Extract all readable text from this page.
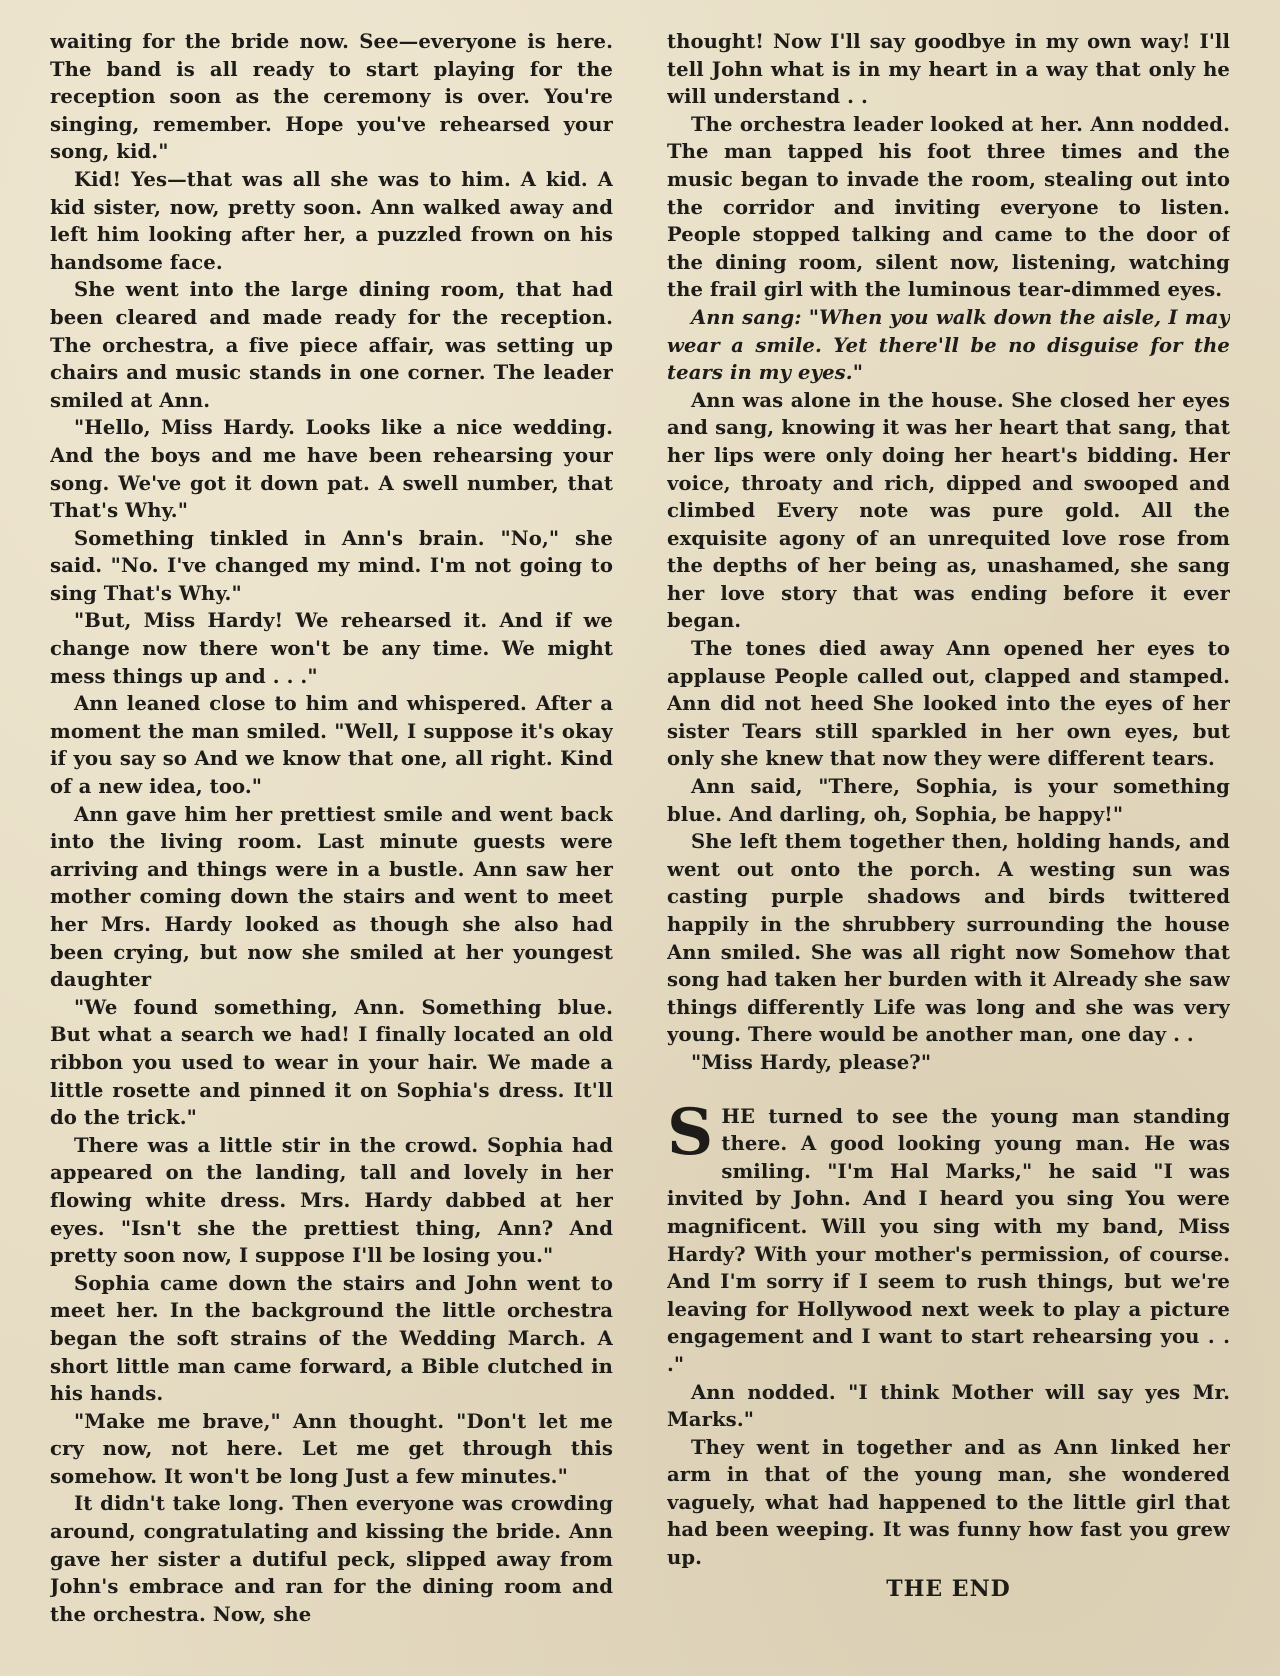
waiting for the bride now. See—everyone is here. The band is all ready to start playing for the reception soon as the ceremony is over. You're singing, remember. Hope you've rehearsed your song, kid."

Kid! Yes—that was all she was to him. A kid. A kid sister, now, pretty soon. Ann walked away and left him looking after her, a puzzled frown on his handsome face.

She went into the large dining room, that had been cleared and made ready for the reception. The orchestra, a five piece affair, was setting up chairs and music stands in one corner. The leader smiled at Ann.

"Hello, Miss Hardy. Looks like a nice wedding. And the boys and me have been rehearsing your song. We've got it down pat. A swell number, that That's Why."

Something tinkled in Ann's brain. "No," she said. "No. I've changed my mind. I'm not going to sing That's Why."

"But, Miss Hardy! We rehearsed it. And if we change now there won't be any time. We might mess things up and . . ."

Ann leaned close to him and whispered. After a moment the man smiled. "Well, I suppose it's okay if you say so And we know that one, all right. Kind of a new idea, too."

Ann gave him her prettiest smile and went back into the living room. Last minute guests were arriving and things were in a bustle. Ann saw her mother coming down the stairs and went to meet her Mrs. Hardy looked as though she also had been crying, but now she smiled at her youngest daughter

"We found something, Ann. Something blue. But what a search we had! I finally located an old ribbon you used to wear in your hair. We made a little rosette and pinned it on Sophia's dress. It'll do the trick."

There was a little stir in the crowd. Sophia had appeared on the landing, tall and lovely in her flowing white dress. Mrs. Hardy dabbed at her eyes. "Isn't she the prettiest thing, Ann? And pretty soon now, I suppose I'll be losing you."

Sophia came down the stairs and John went to meet her. In the background the little orchestra began the soft strains of the Wedding March. A short little man came forward, a Bible clutched in his hands.

"Make me brave," Ann thought. "Don't let me cry now, not here. Let me get through this somehow. It won't be long Just a few minutes."

It didn't take long. Then everyone was crowding around, congratulating and kissing the bride. Ann gave her sister a dutiful peck, slipped away from John's embrace and ran for the dining room and the orchestra. Now, she

thought! Now I'll say goodbye in my own way! I'll tell John what is in my heart in a way that only he will understand . .

The orchestra leader looked at her. Ann nodded. The man tapped his foot three times and the music began to invade the room, stealing out into the corridor and inviting everyone to listen. People stopped talking and came to the door of the dining room, silent now, listening, watching the frail girl with the luminous tear-dimmed eyes.

Ann sang: "When you walk down the aisle, I may wear a smile. Yet there'll be no disguise for the tears in my eyes."

Ann was alone in the house. She closed her eyes and sang, knowing it was her heart that sang, that her lips were only doing her heart's bidding. Her voice, throaty and rich, dipped and swooped and climbed Every note was pure gold. All the exquisite agony of an unrequited love rose from the depths of her being as, unashamed, she sang her love story that was ending before it ever began.

The tones died away Ann opened her eyes to applause People called out, clapped and stamped. Ann did not heed She looked into the eyes of her sister Tears still sparkled in her own eyes, but only she knew that now they were different tears.

Ann said, "There, Sophia, is your something blue. And darling, oh, Sophia, be happy!"

She left them together then, holding hands, and went out onto the porch. A westing sun was casting purple shadows and birds twittered happily in the shrubbery surrounding the house Ann smiled. She was all right now Somehow that song had taken her burden with it Already she saw things differently Life was long and she was very young. There would be another man, one day . .

"Miss Hardy, please?"

SHE turned to see the young man standing there. A good looking young man. He was smiling. "I'm Hal Marks," he said "I was invited by John. And I heard you sing You were magnificent. Will you sing with my band, Miss Hardy? With your mother's permission, of course. And I'm sorry if I seem to rush things, but we're leaving for Hollywood next week to play a picture engagement and I want to start rehearsing you . . ."

Ann nodded. "I think Mother will say yes Mr. Marks."

They went in together and as Ann linked her arm in that of the young man, she wondered vaguely, what had happened to the little girl that had been weeping. It was funny how fast you grew up.

THE END
